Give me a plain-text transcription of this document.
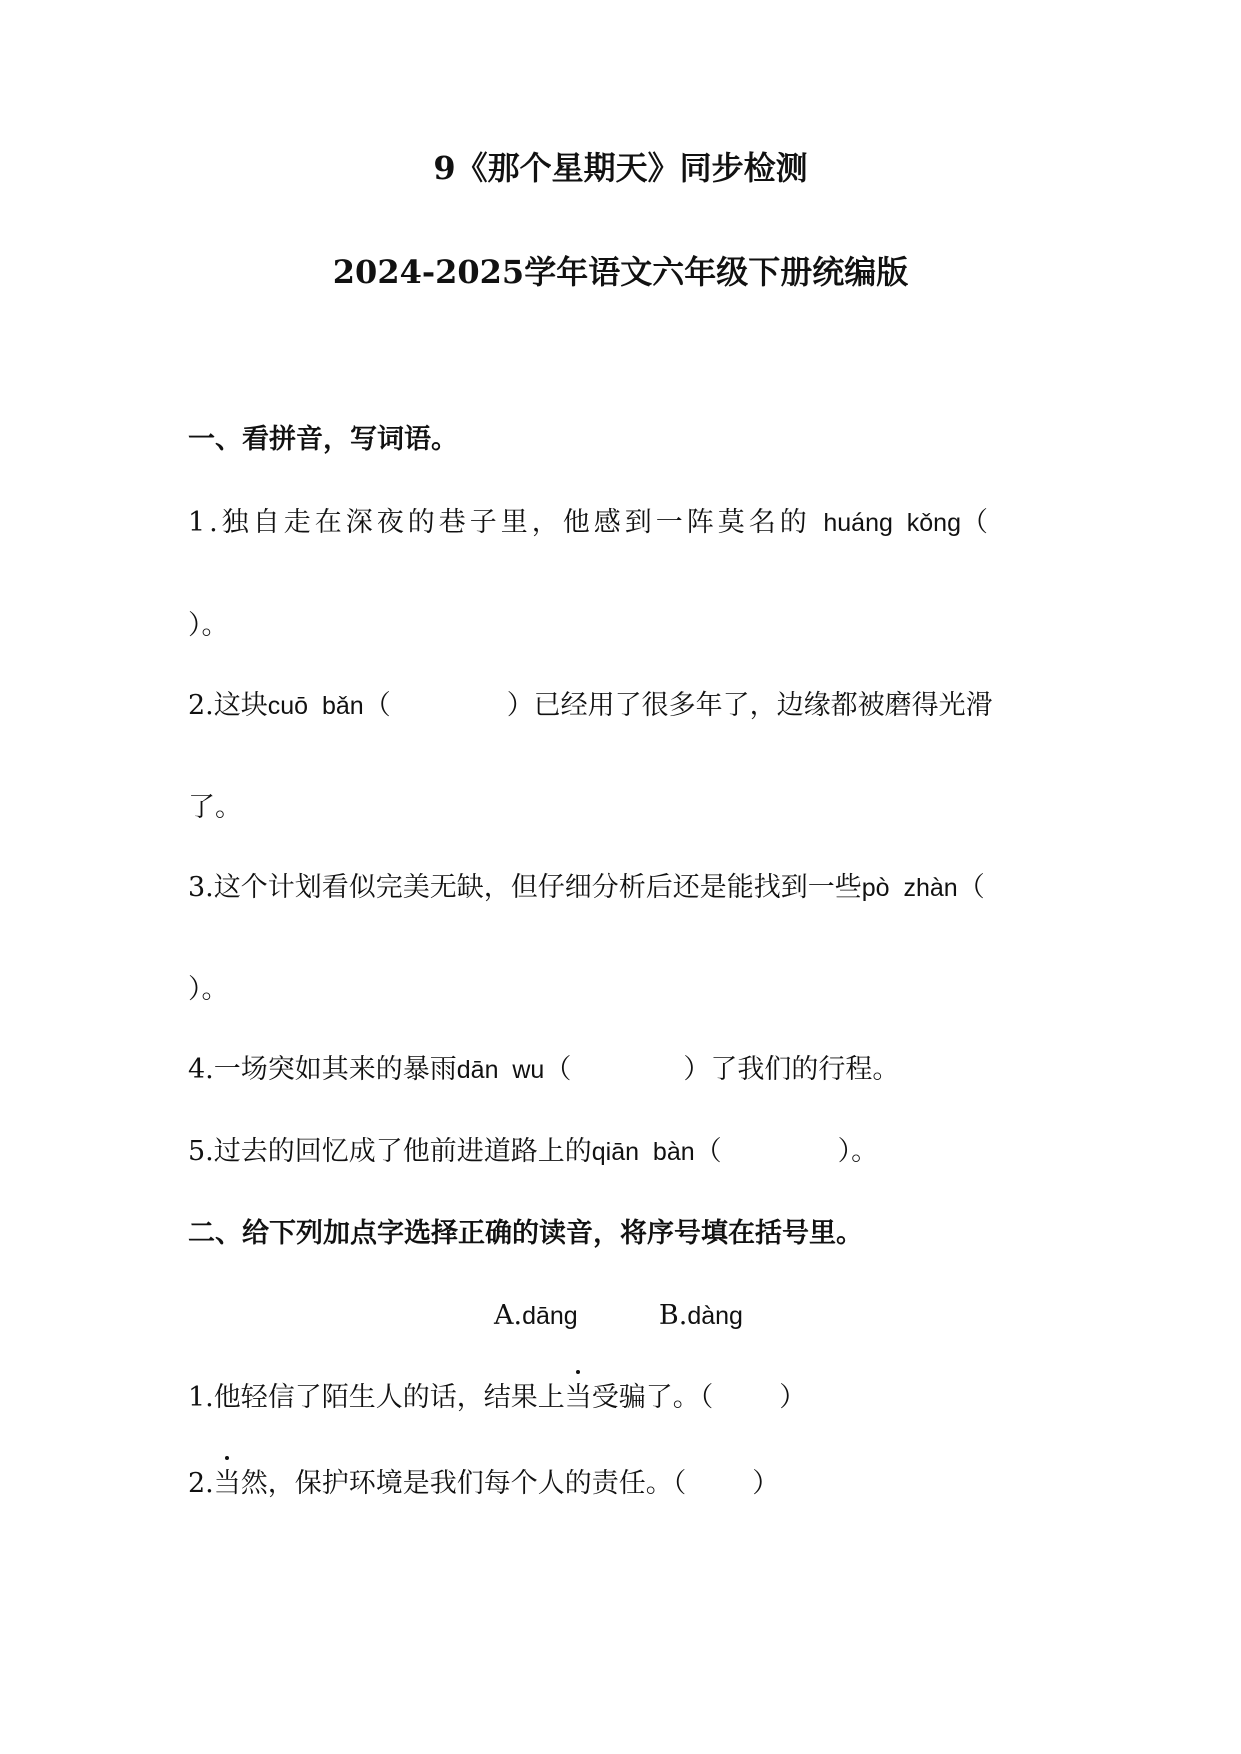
9《那个星期天》同步检测
2024-2025学年语文六年级下册统编版
一、看拼音，写词语。
1.独自走在深夜的巷子里，他感到一阵莫名的 huáng  kǒng（
）。
2.这块cuō  bǎn（	）已经用了很多年了，边缘都被磨得光滑
了。
3.这个计划看似完美无缺，但仔细分析后还是能找到一些pò  zhàn（
）。
4.一场突如其来的暴雨dān  wu（	）了我们的行程。
5.过去的回忆成了他前进道路上的qiān  bàn（	）。
二、给下列加点字选择正确的读音，将序号填在括号里。
A.dāng	B.dàng
1.他轻信了陌生人的话，结果上当受骗了。（ ）
2.当然，保护环境是我们每个人的责任。（ ）
